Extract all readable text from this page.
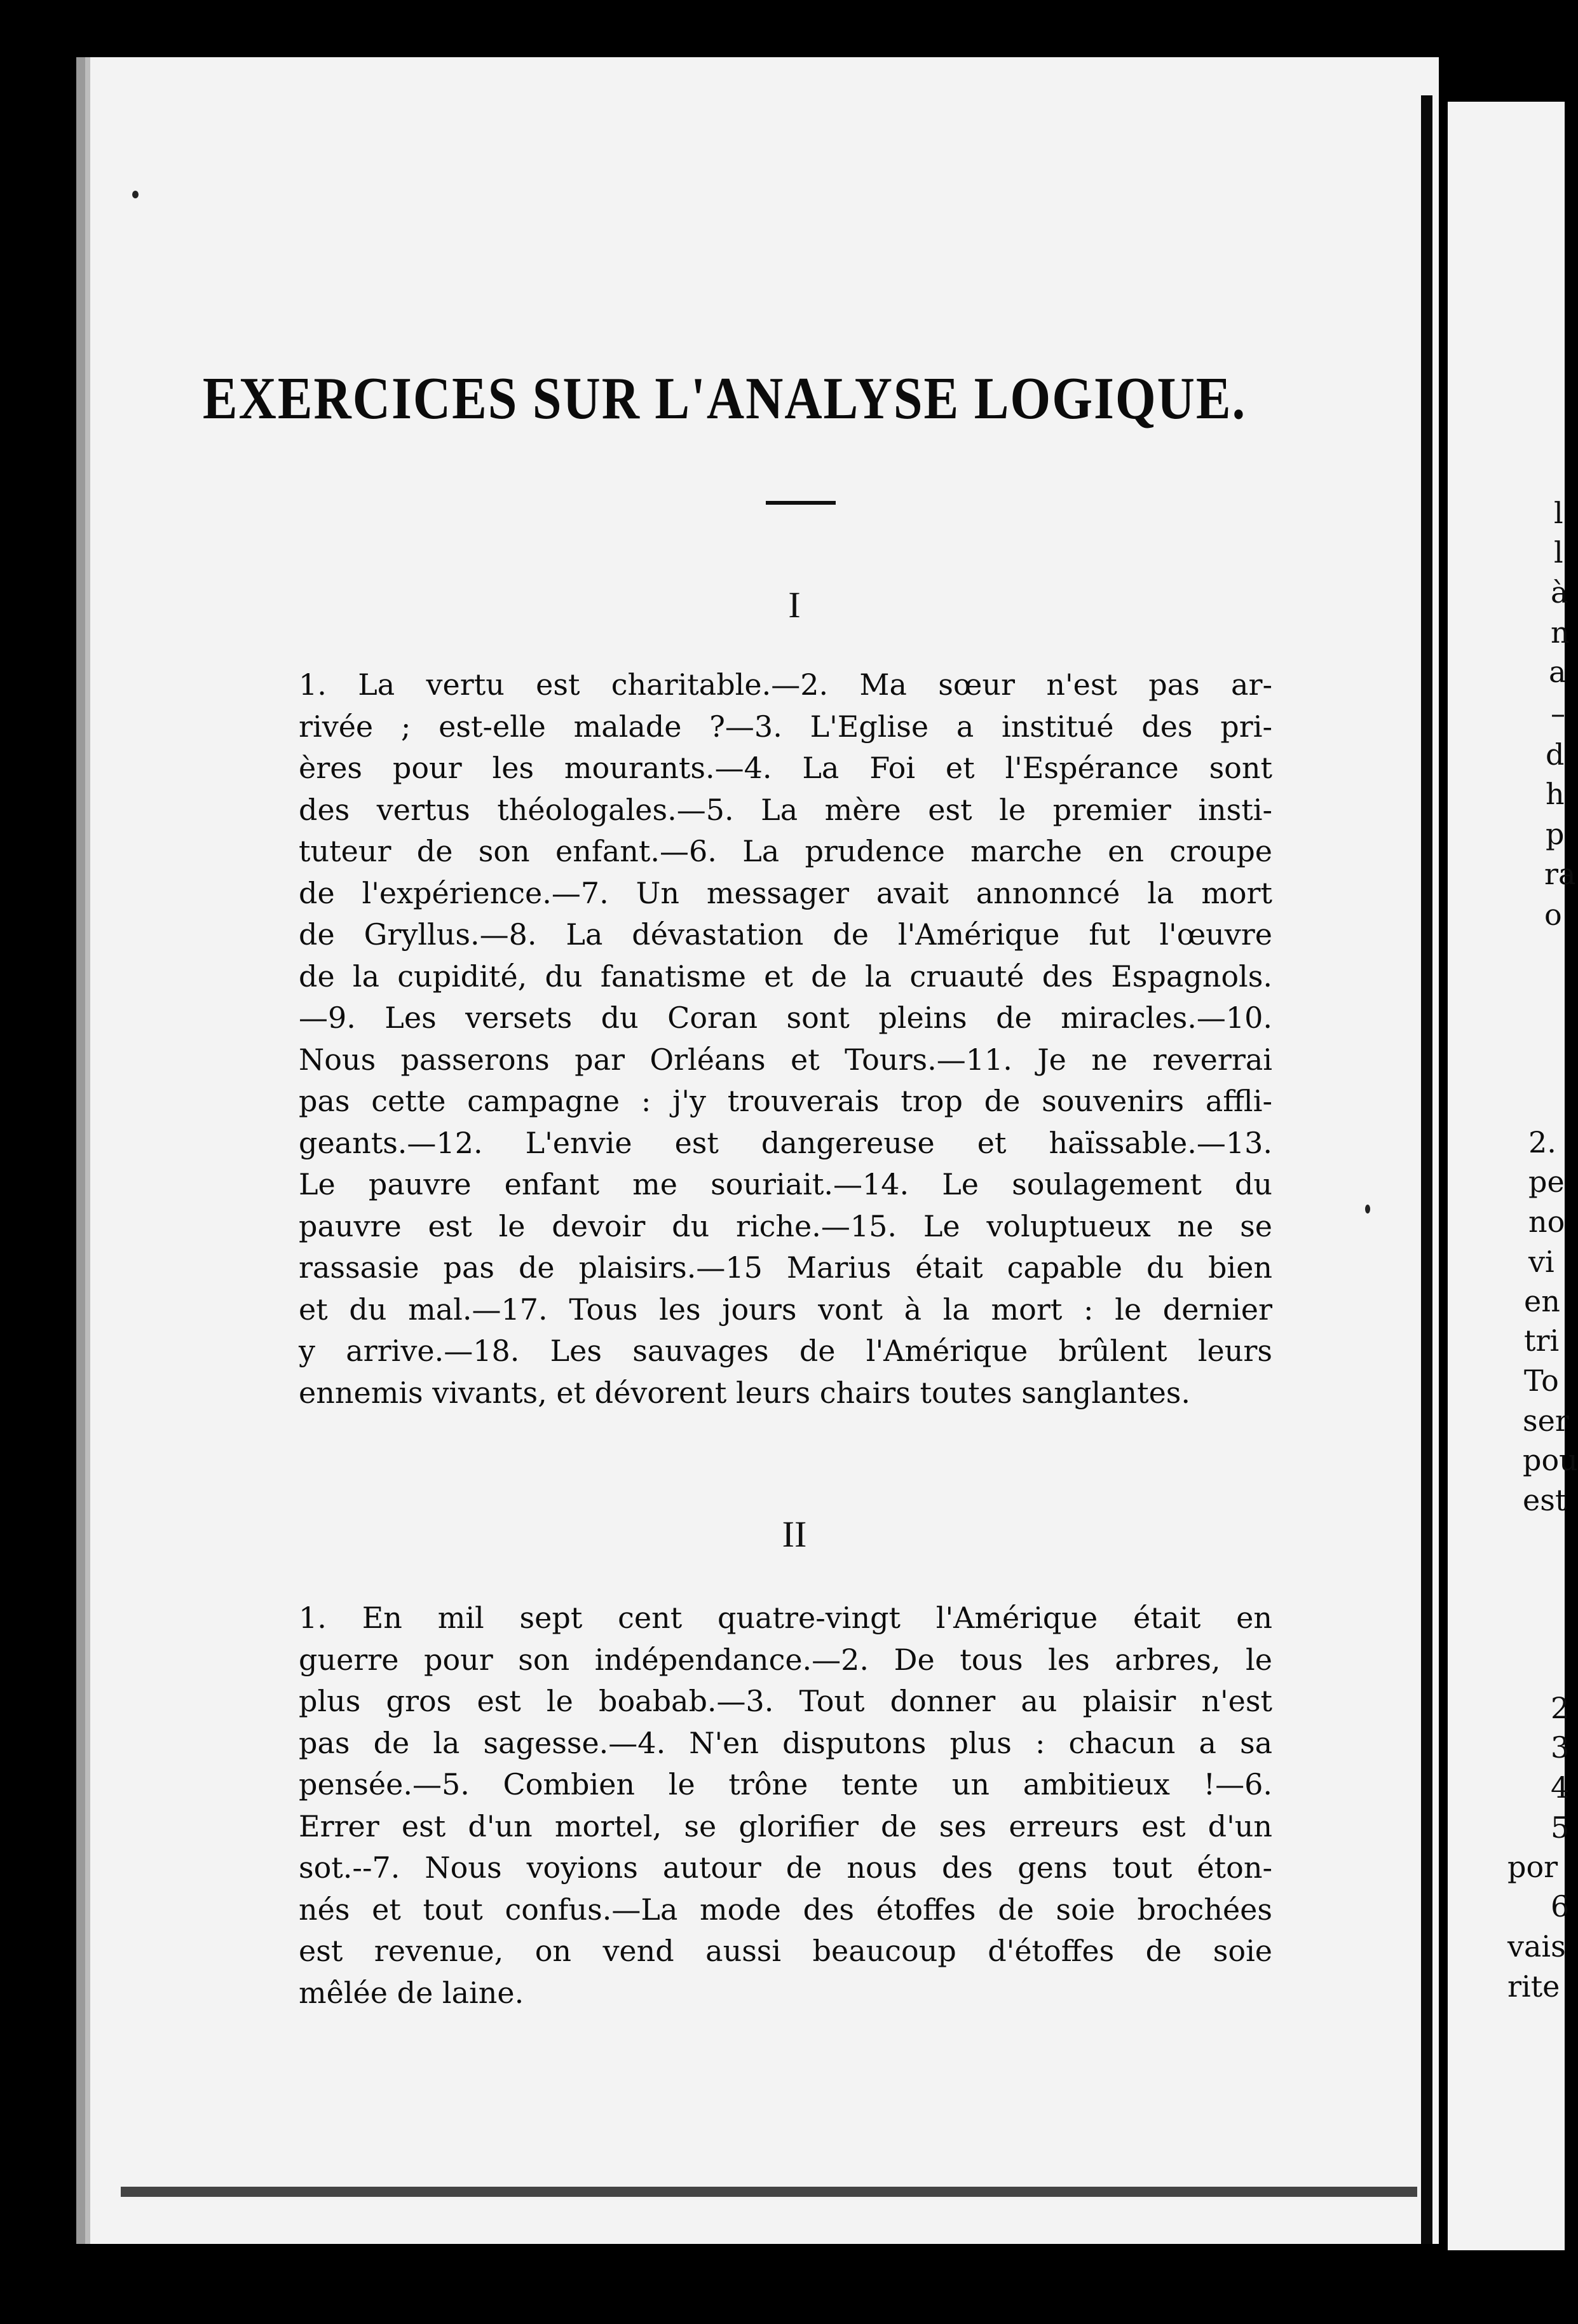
EXERCICES SUR L'ANALYSE LOGIQUE.
I
1. La vertu est charitable.—2. Ma sœur n'est pas ar-
rivée ; est-elle malade ?—3. L'Eglise a institué des pri-
ères pour les mourants.—4. La Foi et l'Espérance sont
des vertus théologales.—5. La mère est le premier insti-
tuteur de son enfant.—6. La prudence marche en croupe
de l'expérience.—7. Un messager avait annonncé la mort
de Gryllus.—8. La dévastation de l'Amérique fut l'œuvre
de la cupidité, du fanatisme et de la cruauté des Espagnols.
—9. Les versets du Coran sont pleins de miracles.—10.
Nous passerons par Orléans et Tours.—11. Je ne reverrai
pas cette campagne : j'y trouverais trop de souvenirs affli-
geants.—12. L'envie est dangereuse et haïssable.—13.
Le pauvre enfant me souriait.—14. Le soulagement du
pauvre est le devoir du riche.—15. Le voluptueux ne se
rassasie pas de plaisirs.—15 Marius était capable du bien
et du mal.—17. Tous les jours vont à la mort : le dernier
y arrive.—18. Les sauvages de l'Amérique brûlent leurs
ennemis vivants, et dévorent leurs chairs toutes sanglantes.
II
1. En mil sept cent quatre-vingt l'Amérique était en
guerre pour son indépendance.—2. De tous les arbres, le
plus gros est le boabab.—3. Tout donner au plaisir n'est
pas de la sagesse.—4. N'en disputons plus : chacun a sa
pensée.—5. Combien le trône tente un ambitieux !—6.
Errer est d'un mortel, se glorifier de ses erreurs est d'un
sot.--7. Nous voyions autour de nous des gens tout éton-
nés et tout confus.—La mode des étoffes de soie brochées
est revenue, on vend aussi beaucoup d'étoffes de soie
mêlée de laine.
l
l
à
n
a
–
d
h
p
ra
o
2.
pe
no
vi
en
tri
To
ser
pou
est
2
3
4
5
por
6
vais
rite
